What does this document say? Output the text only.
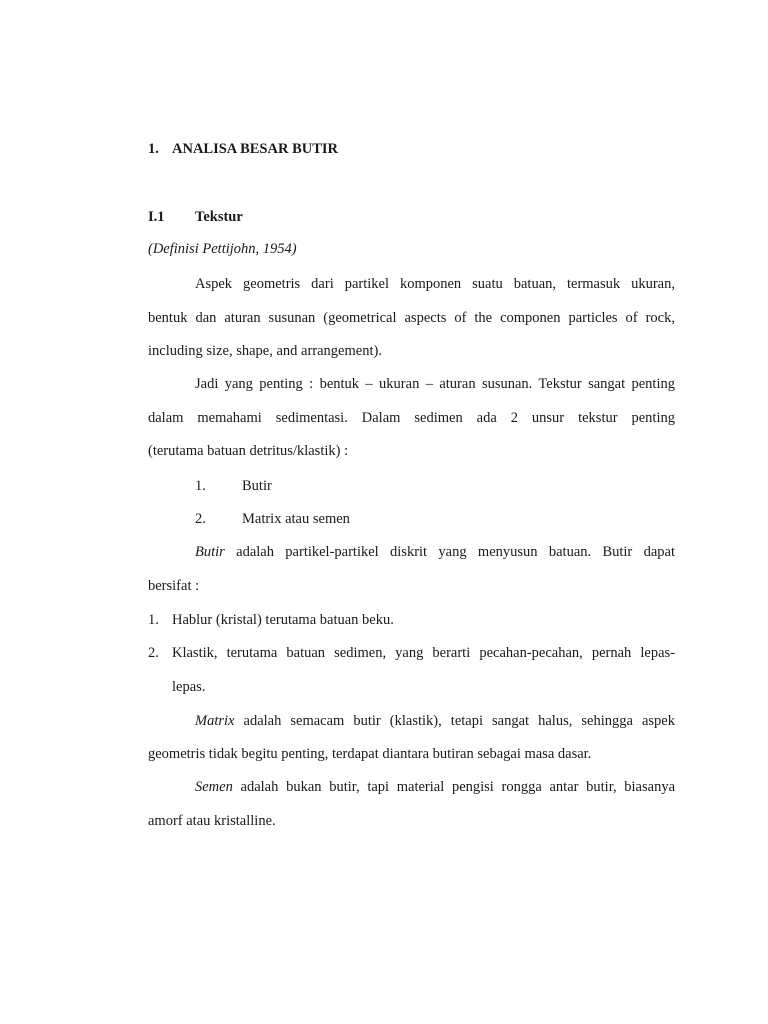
1. ANALISA BESAR BUTIR
I.1 Tekstur
(Definisi Pettijohn, 1954)
Aspek geometris dari partikel komponen suatu batuan, termasuk ukuran,
bentuk dan aturan susunan (geometrical aspects of the componen particles of rock,
including size, shape, and arrangement).
Jadi yang penting : bentuk – ukuran – aturan susunan. Tekstur sangat penting
dalam memahami sedimentasi. Dalam sedimen ada 2 unsur tekstur penting
(terutama batuan detritus/klastik) :
1. Butir
2. Matrix atau semen
Butir adalah partikel-partikel diskrit yang menyusun batuan. Butir dapat
bersifat :
1. Hablur (kristal) terutama batuan beku.
2. Klastik, terutama batuan sedimen, yang berarti pecahan-pecahan, pernah lepas-
lepas.
Matrix adalah semacam butir (klastik), tetapi sangat halus, sehingga aspek
geometris tidak begitu penting, terdapat diantara butiran sebagai masa dasar.
Semen adalah bukan butir, tapi material pengisi rongga antar butir, biasanya
amorf atau kristalline.
